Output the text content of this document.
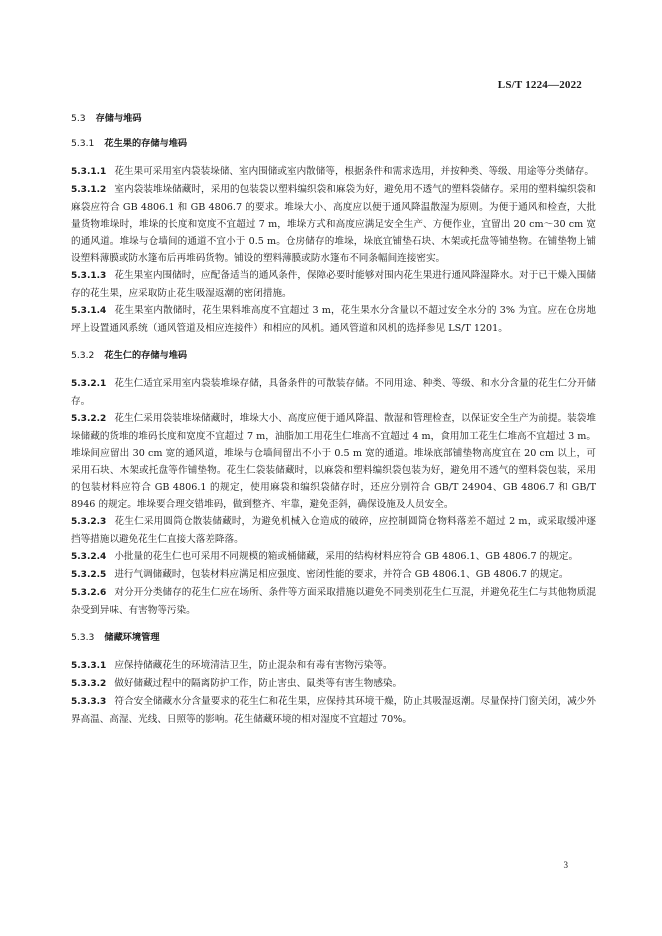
LS/T 1224—2022
5.3 存储与堆码
5.3.1 花生果的存储与堆码

5.3.1.1 花生果可采用室内袋装垛储、室内围储或室内散储等，根据条件和需求选用，并按种类、等级、用途等分类储存。

5.3.1.2 室内袋装堆垛储藏时，采用的包装袋以塑料编织袋和麻袋为好，避免用不透气的塑料袋储存。采用的塑料编织袋和麻袋应符合 GB 4806.1 和 GB 4806.7 的要求。堆垛大小、高度应以便于通风降温散湿为原则。为便于通风和检查，大批量货物堆垛时，堆垛的长度和宽度不宜超过 7 m，堆垛方式和高度应满足安全生产、方便作业，宜留出 20 cm～30 cm 宽的通风道。堆垛与仓墙间的通道不宜小于 0.5 m。仓房储存的堆垛，垛底宜铺垫石块、木架或托盘等铺垫物。在铺垫物上铺设塑料薄膜或防水篷布后再堆码货物。铺设的塑料薄膜或防水篷布不同条幅间连接密实。

5.3.1.3 花生果室内围储时，应配备适当的通风条件，保障必要时能够对围内花生果进行通风降湿降水。对于已干燥入围储存的花生果，应采取防止花生吸湿返潮的密闭措施。

5.3.1.4 花生果室内散储时，花生果料堆高度不宜超过 3 m，花生果水分含量以不超过安全水分的 3% 为宜。应在仓房地坪上设置通风系统（通风管道及相应连接件）和相应的风机。通风管道和风机的选择参见 LS/T 1201。

5.3.2 花生仁的存储与堆码

5.3.2.1 花生仁适宜采用室内袋装堆垛存储，具备条件的可散装存储。不同用途、种类、等级、和水分含量的花生仁分开储存。

5.3.2.2 花生仁采用袋装堆垛储藏时，堆垛大小、高度应便于通风降温、散湿和管理检查，以保证安全生产为前提。装袋堆垛储藏的货堆的堆码长度和宽度不宜超过 7 m，油脂加工用花生仁堆高不宜超过 4 m，食用加工花生仁堆高不宜超过 3 m。堆垛间应留出 30 cm 宽的通风道，堆垛与仓墙间留出不小于 0.5 m 宽的通道。堆垛底部铺垫物高度宜在 20 cm 以上，可采用石块、木架或托盘等作铺垫物。花生仁袋装储藏时，以麻袋和塑料编织袋包装为好，避免用不透气的塑料袋包装，采用的包装材料应符合 GB 4806.1 的规定，使用麻袋和编织袋储存时，还应分别符合 GB/T 24904、GB 4806.7 和 GB/T 8946 的规定。堆垛要合理交错堆码，做到整齐、牢靠，避免歪斜，确保设施及人员安全。

5.3.2.3 花生仁采用圆筒仓散装储藏时，为避免机械入仓造成的破碎，应控制圆筒仓物料落差不超过 2 m，或采取缓冲逐挡等措施以避免花生仁直接大落差降落。

5.3.2.4 小批量的花生仁也可采用不同规模的箱或桶储藏，采用的结构材料应符合 GB 4806.1、GB 4806.7 的规定。

5.3.2.5 进行气调储藏时，包装材料应满足相应强度、密闭性能的要求，并符合 GB 4806.1、GB 4806.7 的规定。

5.3.2.6 对分开分类储存的花生仁应在场所、条件等方面采取措施以避免不同类别花生仁互混，并避免花生仁与其他物质混杂受到异味、有害物等污染。

5.3.3 储藏环境管理

5.3.3.1 应保持储藏花生的环境清洁卫生，防止混杂和有毒有害物污染等。

5.3.3.2 做好储藏过程中的隔离防护工作，防止害虫、鼠类等有害生物感染。

5.3.3.3 符合安全储藏水分含量要求的花生仁和花生果，应保持其环境干燥，防止其吸湿返潮。尽量保持门窗关闭，减少外界高温、高湿、光线、日照等的影响。花生储藏环境的相对湿度不宜超过 70%。

3
